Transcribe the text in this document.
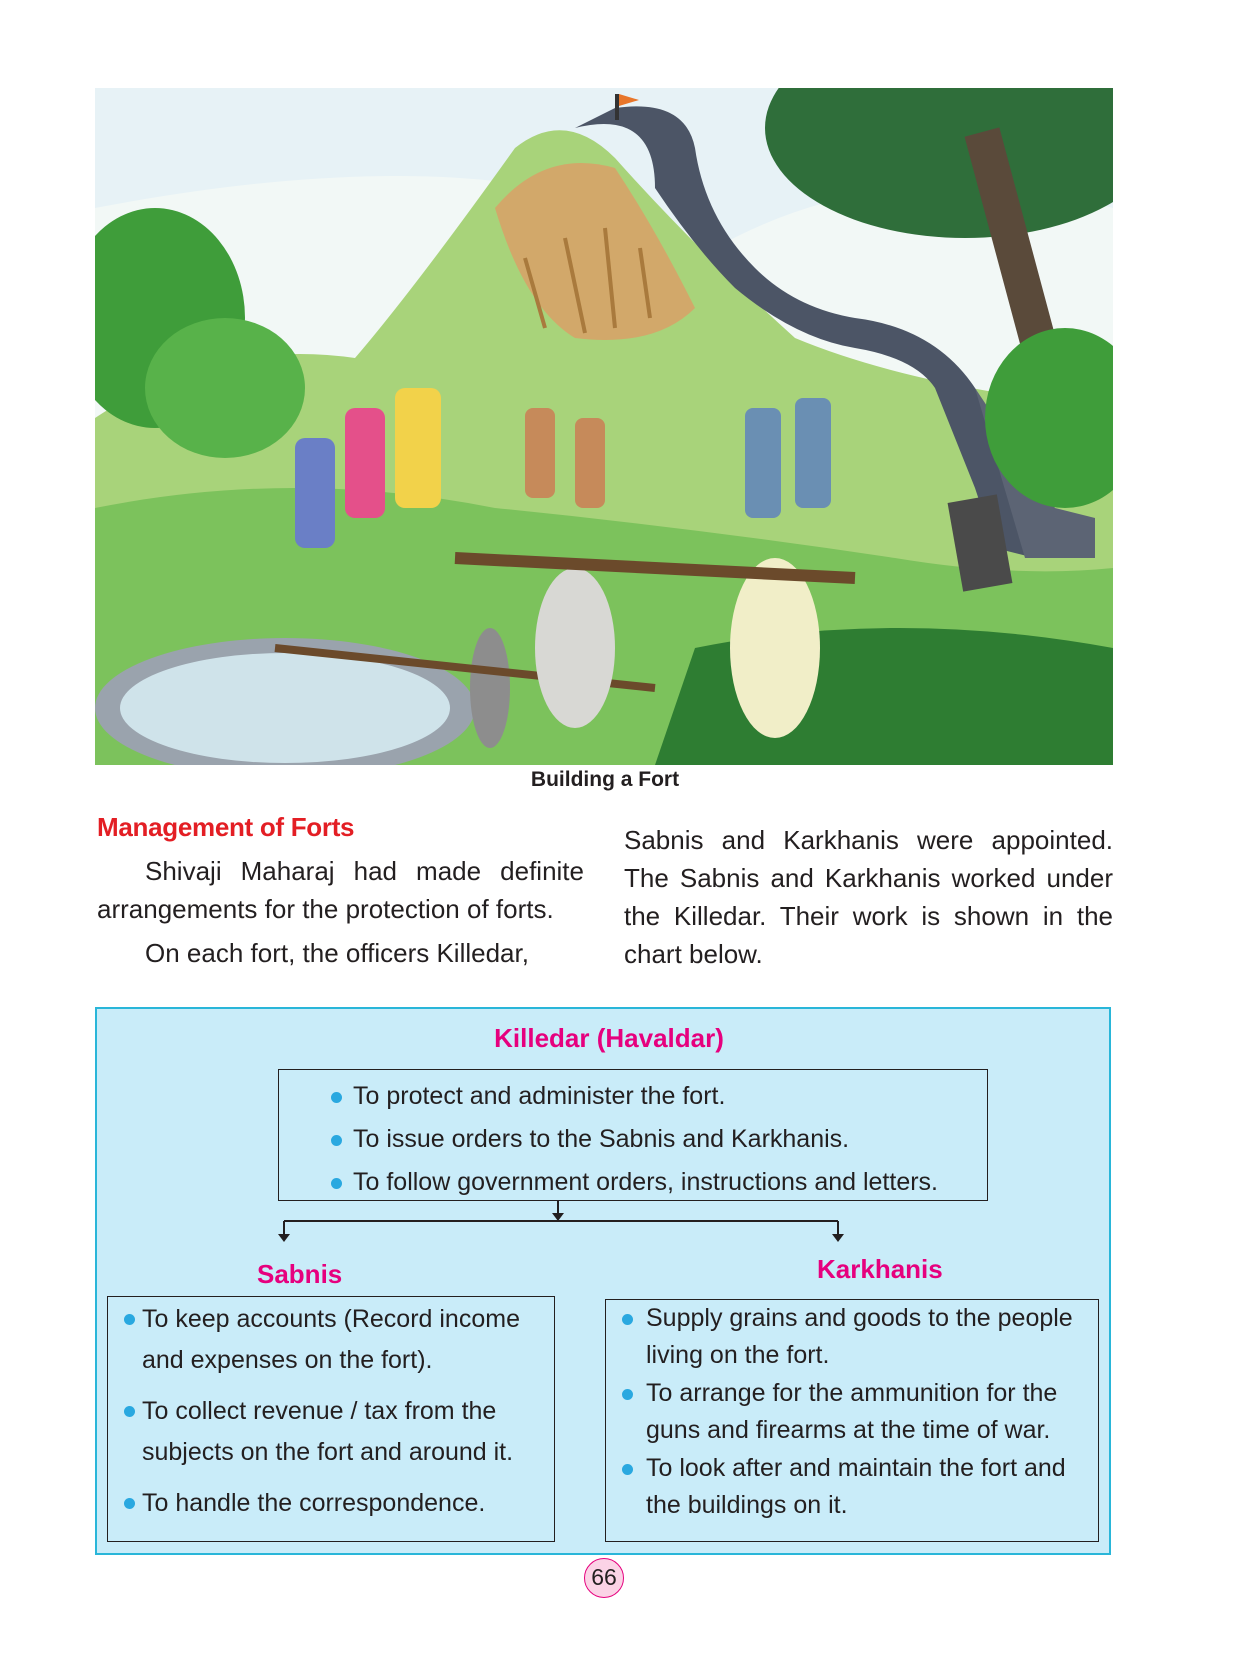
Building a Fort
Management of Forts

Shivaji Maharaj had made definite arrangements for the protection of forts.

On each fort, the officers Killedar,

Sabnis and Karkhanis were appointed. The Sabnis and Karkhanis worked under the Killedar. Their work is shown in the chart below.

Killedar (Havaldar)
To protect and administer the fort.
To issue orders to the Sabnis and Karkhanis.
To follow government orders, instructions and letters.
Sabnis	Karkhanis
To keep accounts (Record income and expenses on the fort).
To collect revenue / tax from the subjects on the fort and around it.
To handle the correspondence.
Supply grains and goods to the people living on the fort.
To arrange for the ammunition for the guns and firearms at the time of war.
To look after and maintain the fort and the buildings on it.
66
